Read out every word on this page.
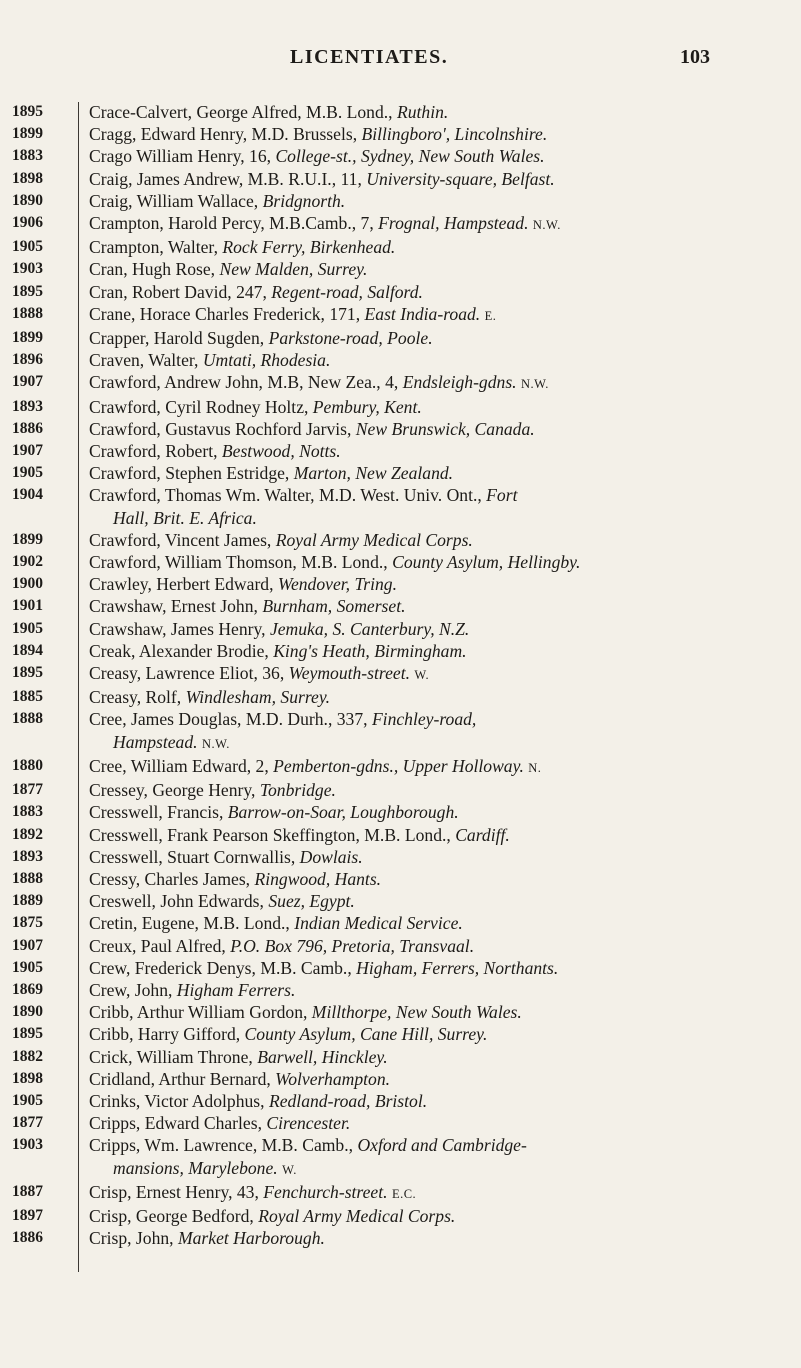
LICENTIATES.	103
1895	Crace-Calvert, George Alfred, M.B. Lond., Ruthin.
1899	Cragg, Edward Henry, M.D. Brussels, Billingboro', Lincolnshire.
1883	Crago William Henry, 16, College-st., Sydney, New South Wales.
1898	Craig, James Andrew, M.B. R.U.I., 11, University-square, Belfast.
1890	Craig, William Wallace, Bridgnorth.
1906	Crampton, Harold Percy, M.B.Camb., 7, Frognal, Hampstead. N.W.
1905	Crampton, Walter, Rock Ferry, Birkenhead.
1903	Cran, Hugh Rose, New Malden, Surrey.
1895	Cran, Robert David, 247, Regent-road, Salford.
1888	Crane, Horace Charles Frederick, 171, East India-road. E.
1899	Crapper, Harold Sugden, Parkstone-road, Poole.
1896	Craven, Walter, Umtati, Rhodesia.
1907	Crawford, Andrew John, M.B, New Zea., 4, Endsleigh-gdns. N.W.
1893	Crawford, Cyril Rodney Holtz, Pembury, Kent.
1886	Crawford, Gustavus Rochford Jarvis, New Brunswick, Canada.
1907	Crawford, Robert, Bestwood, Notts.
1905	Crawford, Stephen Estridge, Marton, New Zealand.
1904	Crawford, Thomas Wm. Walter, M.D. West. Univ. Ont., Fort
Hall, Brit. E. Africa.
1899	Crawford, Vincent James, Royal Army Medical Corps.
1902	Crawford, William Thomson, M.B. Lond., County Asylum, Hellingby.
1900	Crawley, Herbert Edward, Wendover, Tring.
1901	Crawshaw, Ernest John, Burnham, Somerset.
1905	Crawshaw, James Henry, Jemuka, S. Canterbury, N.Z.
1894	Creak, Alexander Brodie, King's Heath, Birmingham.
1895	Creasy, Lawrence Eliot, 36, Weymouth-street. W.
1885	Creasy, Rolf, Windlesham, Surrey.
1888	Cree, James Douglas, M.D. Durh., 337, Finchley-road,
Hampstead. N.W.
1880	Cree, William Edward, 2, Pemberton-gdns., Upper Holloway. N.
1877	Cressey, George Henry, Tonbridge.
1883	Cresswell, Francis, Barrow-on-Soar, Loughborough.
1892	Cresswell, Frank Pearson Skeffington, M.B. Lond., Cardiff.
1893	Cresswell, Stuart Cornwallis, Dowlais.
1888	Cressy, Charles James, Ringwood, Hants.
1889	Creswell, John Edwards, Suez, Egypt.
1875	Cretin, Eugene, M.B. Lond., Indian Medical Service.
1907	Creux, Paul Alfred, P.O. Box 796, Pretoria, Transvaal.
1905	Crew, Frederick Denys, M.B. Camb., Higham, Ferrers, Northants.
1869	Crew, John, Higham Ferrers.
1890	Cribb, Arthur William Gordon, Millthorpe, New South Wales.
1895	Cribb, Harry Gifford, County Asylum, Cane Hill, Surrey.
1882	Crick, William Throne, Barwell, Hinckley.
1898	Cridland, Arthur Bernard, Wolverhampton.
1905	Crinks, Victor Adolphus, Redland-road, Bristol.
1877	Cripps, Edward Charles, Cirencester.
1903	Cripps, Wm. Lawrence, M.B. Camb., Oxford and Cambridge-
mansions, Marylebone. W.
1887	Crisp, Ernest Henry, 43, Fenchurch-street. E.C.
1897	Crisp, George Bedford, Royal Army Medical Corps.
1886	Crisp, John, Market Harborough.
